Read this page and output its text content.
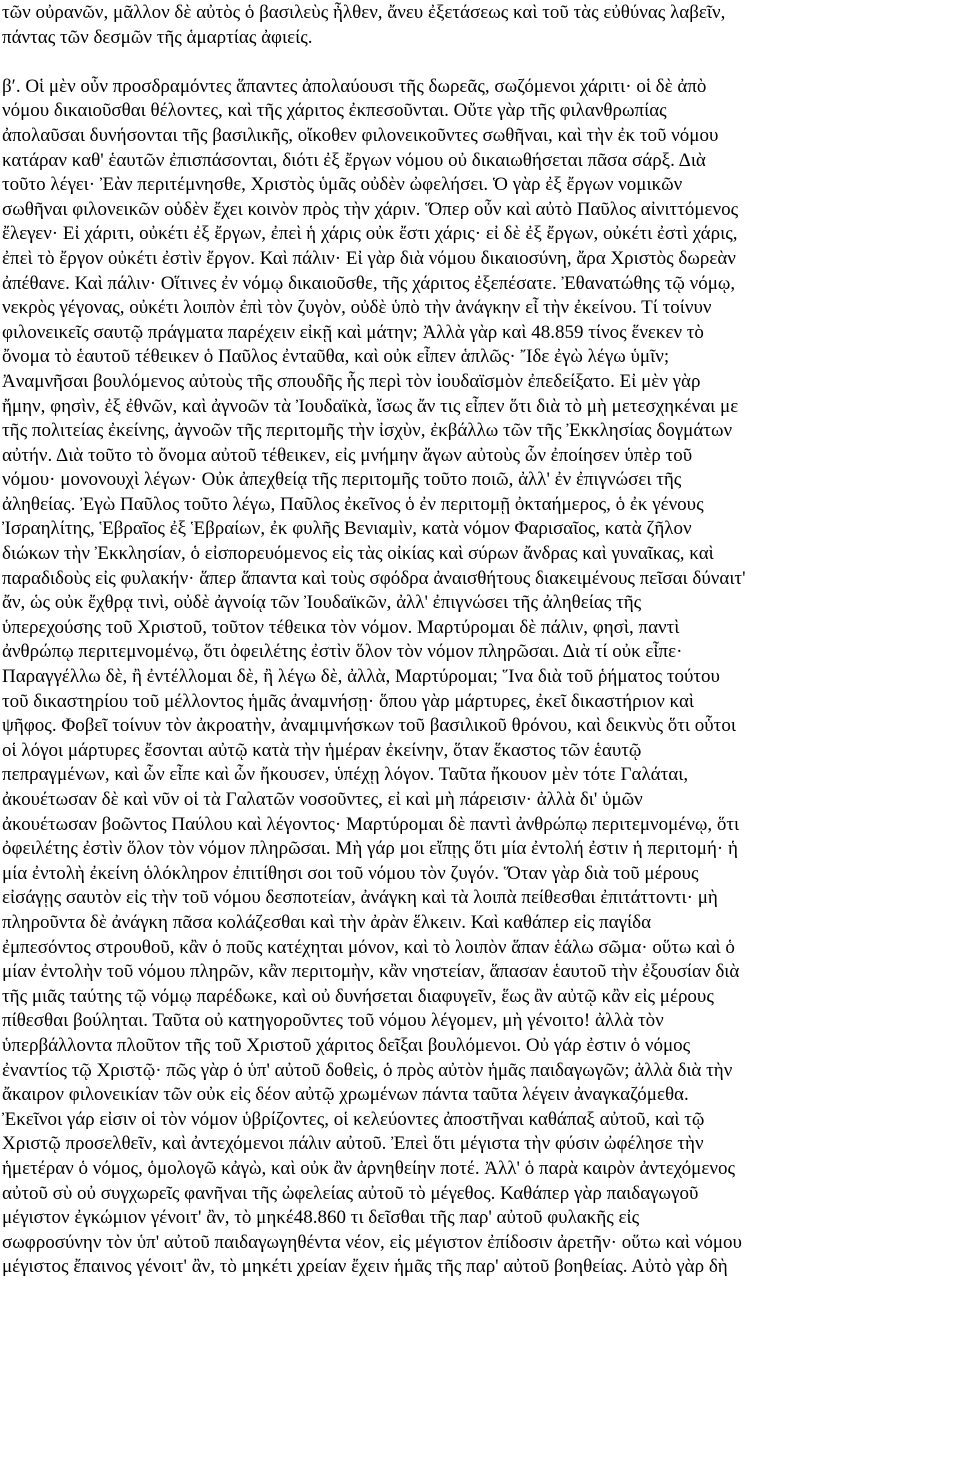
τῶν οὐρανῶν, μᾶλλον δὲ αὐτὸς ὁ βασιλεὺς ἦλθεν, ἄνευ ἐξετάσεως καὶ τοῦ τὰς εὐθύνας λαβεῖν,
πάντας τῶν δεσμῶν τῆς ἁμαρτίας ἀφιείς.
βʹ. Οἱ μὲν οὖν προσδραμόντες ἅπαντες ἀπολαύουσι τῆς δωρεᾶς, σωζόμενοι χάριτι· οἱ δὲ ἀπὸ
νόμου δικαιοῦσθαι θέλοντες, καὶ τῆς χάριτος ἐκπεσοῦνται. Οὔτε γὰρ τῆς φιλανθρωπίας
ἀπολαῦσαι δυνήσονται τῆς βασιλικῆς, οἴκοθεν φιλονεικοῦντες σωθῆναι, καὶ τὴν ἐκ τοῦ νόμου
κατάραν καθ' ἑαυτῶν ἐπισπάσονται, διότι ἐξ ἔργων νόμου οὐ δικαιωθήσεται πᾶσα σάρξ. Διὰ
τοῦτο λέγει· Ἐὰν περιτέμνησθε, Χριστὸς ὑμᾶς οὐδὲν ὠφελήσει. Ὁ γὰρ ἐξ ἔργων νομικῶν
σωθῆναι φιλονεικῶν οὐδὲν ἔχει κοινὸν πρὸς τὴν χάριν. Ὅπερ οὖν καὶ αὐτὸ Παῦλος αἰνιττόμενος
ἔλεγεν· Εἰ χάριτι, οὐκέτι ἐξ ἔργων, ἐπεὶ ἡ χάρις οὐκ ἔστι χάρις· εἰ δὲ ἐξ ἔργων, οὐκέτι ἐστὶ χάρις,
ἐπεὶ τὸ ἔργον οὐκέτι ἐστὶν ἔργον. Καὶ πάλιν· Εἰ γὰρ διὰ νόμου δικαιοσύνη, ἄρα Χριστὸς δωρεὰν
ἀπέθανε. Καὶ πάλιν· Οἵτινες ἐν νόμῳ δικαιοῦσθε, τῆς χάριτος ἐξεπέσατε. Ἐθανατώθης τῷ νόμῳ,
νεκρὸς γέγονας, οὐκέτι λοιπὸν ἐπὶ τὸν ζυγὸν, οὐδὲ ὑπὸ τὴν ἀνάγκην εἶ τὴν ἐκείνου. Τί τοίνυν
φιλονεικεῖς σαυτῷ πράγματα παρέχειν εἰκῇ καὶ μάτην; Ἀλλὰ γὰρ καὶ 48.859 τίνος ἕνεκεν τὸ
ὄνομα τὸ ἑαυτοῦ τέθεικεν ὁ Παῦλος ἐνταῦθα, καὶ οὐκ εἶπεν ἁπλῶς· Ἴδε ἐγὼ λέγω ὑμῖν;
Ἀναμνῆσαι βουλόμενος αὐτοὺς τῆς σπουδῆς ἧς περὶ τὸν ἰουδαϊσμὸν ἐπεδείξατο. Εἰ μὲν γὰρ
ἤμην, φησὶν, ἐξ ἐθνῶν, καὶ ἀγνοῶν τὰ Ἰουδαϊκὰ, ἴσως ἄν τις εἶπεν ὅτι διὰ τὸ μὴ μετεσχηκέναι με
τῆς πολιτείας ἐκείνης, ἀγνοῶν τῆς περιτομῆς τὴν ἰσχὺν, ἐκβάλλω τῶν τῆς Ἐκκλησίας δογμάτων
αὐτήν. Διὰ τοῦτο τὸ ὄνομα αὐτοῦ τέθεικεν, εἰς μνήμην ἄγων αὐτοὺς ὧν ἐποίησεν ὑπὲρ τοῦ
νόμου· μονονουχὶ λέγων· Οὐκ ἀπεχθείᾳ τῆς περιτομῆς τοῦτο ποιῶ, ἀλλ' ἐν ἐπιγνώσει τῆς
ἀληθείας. Ἐγὼ Παῦλος τοῦτο λέγω, Παῦλος ἐκεῖνος ὁ ἐν περιτομῇ ὀκταήμερος, ὁ ἐκ γένους
Ἰσραηλίτης, Ἑβραῖος ἐξ Ἑβραίων, ἐκ φυλῆς Βενιαμὶν, κατὰ νόμον Φαρισαῖος, κατὰ ζῆλον
διώκων τὴν Ἐκκλησίαν, ὁ εἰσπορευόμενος εἰς τὰς οἰκίας καὶ σύρων ἄνδρας καὶ γυναῖκας, καὶ
παραδιδοὺς εἰς φυλακήν· ἅπερ ἅπαντα καὶ τοὺς σφόδρα ἀναισθήτους διακειμένους πεῖσαι δύναιτ'
ἄν, ὡς οὐκ ἔχθρᾳ τινὶ, οὐδὲ ἀγνοίᾳ τῶν Ἰουδαϊκῶν, ἀλλ' ἐπιγνώσει τῆς ἀληθείας τῆς
ὑπερεχούσης τοῦ Χριστοῦ, τοῦτον τέθεικα τὸν νόμον. Μαρτύρομαι δὲ πάλιν, φησὶ, παντὶ
ἀνθρώπῳ περιτεμνομένῳ, ὅτι ὀφειλέτης ἐστὶν ὅλον τὸν νόμον πληρῶσαι. Διὰ τί οὐκ εἶπε·
Παραγγέλλω δὲ, ἢ ἐντέλλομαι δὲ, ἢ λέγω δὲ, ἀλλὰ, Μαρτύρομαι; Ἵνα διὰ τοῦ ῥήματος τούτου
τοῦ δικαστηρίου τοῦ μέλλοντος ἡμᾶς ἀναμνήσῃ· ὅπου γὰρ μάρτυρες, ἐκεῖ δικαστήριον καὶ
ψῆφος. Φοβεῖ τοίνυν τὸν ἀκροατὴν, ἀναμιμνήσκων τοῦ βασιλικοῦ θρόνου, καὶ δεικνὺς ὅτι οὗτοι
οἱ λόγοι μάρτυρες ἔσονται αὐτῷ κατὰ τὴν ἡμέραν ἐκείνην, ὅταν ἕκαστος τῶν ἑαυτῷ
πεπραγμένων, καὶ ὧν εἶπε καὶ ὧν ἤκουσεν, ὑπέχῃ λόγον. Ταῦτα ἤκουον μὲν τότε Γαλάται,
ἀκουέτωσαν δὲ καὶ νῦν οἱ τὰ Γαλατῶν νοσοῦντες, εἰ καὶ μὴ πάρεισιν· ἀλλὰ δι' ὑμῶν
ἀκουέτωσαν βοῶντος Παύλου καὶ λέγοντος· Μαρτύρομαι δὲ παντὶ ἀνθρώπῳ περιτεμνομένῳ, ὅτι
ὀφειλέτης ἐστὶν ὅλον τὸν νόμον πληρῶσαι. Μὴ γάρ μοι εἴπῃς ὅτι μία ἐντολή ἐστιν ἡ περιτομή· ἡ
μία ἐντολὴ ἐκείνη ὁλόκληρον ἐπιτίθησι σοι τοῦ νόμου τὸν ζυγόν. Ὅταν γὰρ διὰ τοῦ μέρους
εἰσάγῃς σαυτὸν εἰς τὴν τοῦ νόμου δεσποτείαν, ἀνάγκη καὶ τὰ λοιπὰ πείθεσθαι ἐπιτάττοντι· μὴ
πληροῦντα δὲ ἀνάγκη πᾶσα κολάζεσθαι καὶ τὴν ἀρὰν ἕλκειν. Καὶ καθάπερ εἰς παγίδα
ἐμπεσόντος στρουθοῦ, κἂν ὁ ποῦς κατέχηται μόνον, καὶ τὸ λοιπὸν ἅπαν ἑάλω σῶμα· οὕτω καὶ ὁ
μίαν ἐντολὴν τοῦ νόμου πληρῶν, κἂν περιτομὴν, κἂν νηστείαν, ἅπασαν ἑαυτοῦ τὴν ἐξουσίαν διὰ
τῆς μιᾶς ταύτης τῷ νόμῳ παρέδωκε, καὶ οὐ δυνήσεται διαφυγεῖν, ἕως ἂν αὐτῷ κἂν εἰς μέρους
πίθεσθαι βούληται. Ταῦτα οὐ κατηγοροῦντες τοῦ νόμου λέγομεν, μὴ γένοιτο! ἀλλὰ τὸν
ὑπερβάλλοντα πλοῦτον τῆς τοῦ Χριστοῦ χάριτος δεῖξαι βουλόμενοι. Οὐ γάρ ἐστιν ὁ νόμος
ἐναντίος τῷ Χριστῷ· πῶς γὰρ ὁ ὑπ' αὐτοῦ δοθεὶς, ὁ πρὸς αὐτὸν ἡμᾶς παιδαγωγῶν; ἀλλὰ διὰ τὴν
ἄκαιρον φιλονεικίαν τῶν οὐκ εἰς δέον αὐτῷ χρωμένων πάντα ταῦτα λέγειν ἀναγκαζόμεθα.
Ἐκεῖνοι γάρ εἰσιν οἱ τὸν νόμον ὑβρίζοντες, οἱ κελεύοντες ἀποστῆναι καθάπαξ αὐτοῦ, καὶ τῷ
Χριστῷ προσελθεῖν, καὶ ἀντεχόμενοι πάλιν αὐτοῦ. Ἐπεὶ ὅτι μέγιστα τὴν φύσιν ὠφέλησε τὴν
ἡμετέραν ὁ νόμος, ὁμολογῶ κἀγὼ, καὶ οὐκ ἂν ἀρνηθείην ποτέ. Ἀλλ' ὁ παρὰ καιρὸν ἀντεχόμενος
αὐτοῦ σὺ οὐ συγχωρεῖς φανῆναι τῆς ὠφελείας αὐτοῦ τὸ μέγεθος. Καθάπερ γὰρ παιδαγωγοῦ
μέγιστον ἐγκώμιον γένοιτ' ἂν, τὸ μηκέ48.860 τι δεῖσθαι τῆς παρ' αὐτοῦ φυλακῆς εἰς
σωφροσύνην τὸν ὑπ' αὐτοῦ παιδαγωγηθέντα νέον, εἰς μέγιστον ἐπίδοσιν ἀρετῆν· οὕτω καὶ νόμου
μέγιστος ἔπαινος γένοιτ' ἂν, τὸ μηκέτι χρείαν ἔχειν ἡμᾶς τῆς παρ' αὐτοῦ βοηθείας. Αὐτὸ γὰρ δὴ
